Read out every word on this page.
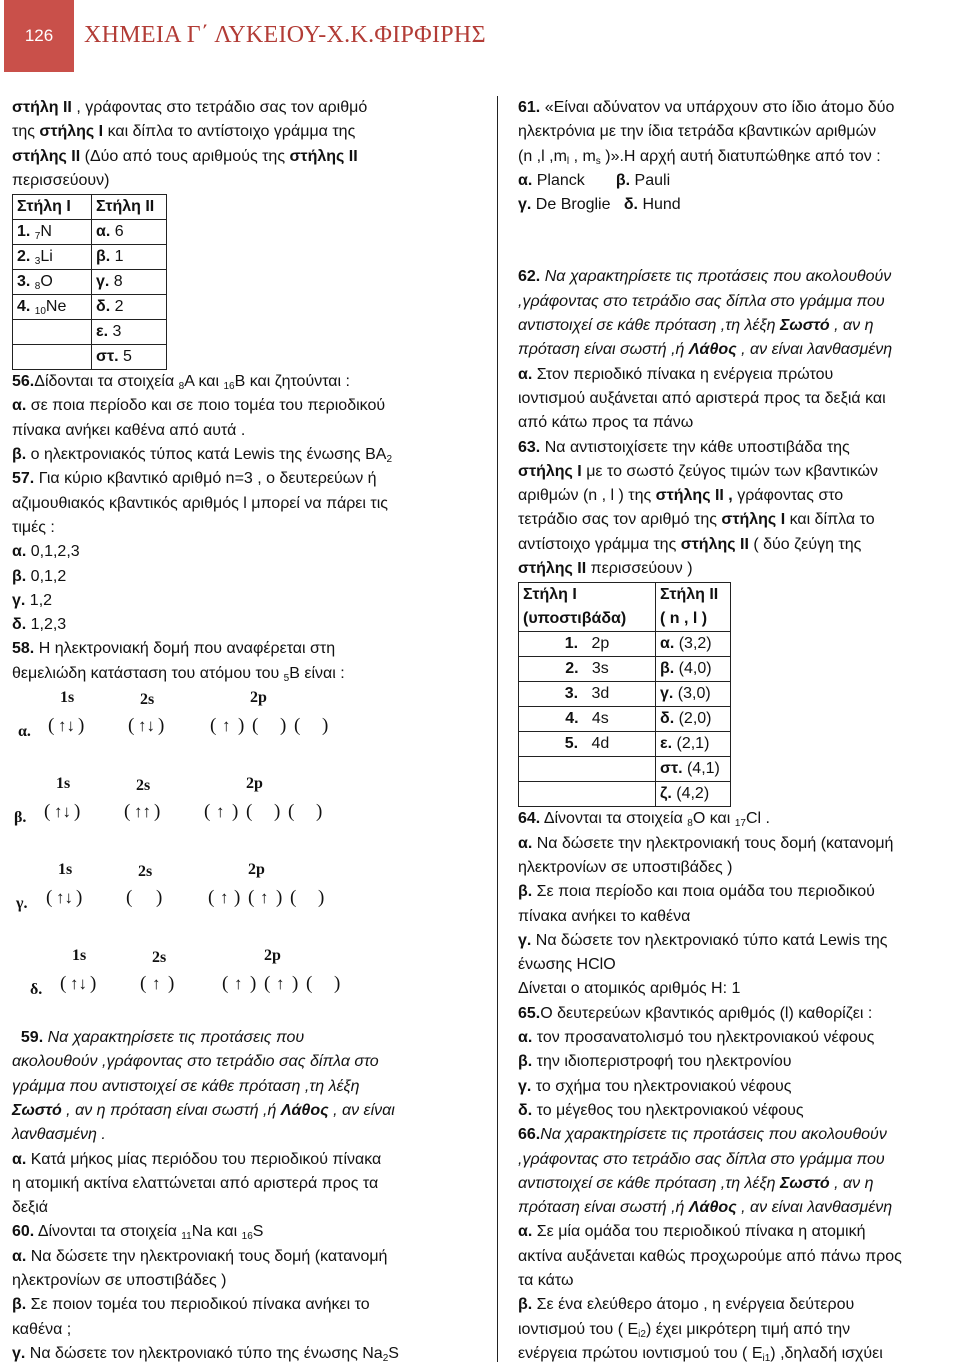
126	ΧΗΜΕΙΑ Γ΄ ΛΥΚΕΙΟΥ-Χ.Κ.ΦΙΡΦΙΡΗΣ
στήλη ΙΙ , γράφοντας στο τετράδιο σας τον αριθμό
της στήλης Ι και δίπλα το αντίστοιχο γράμμα της
στήλης ΙΙ (Δύο από τους αριθμούς της στήλης ΙΙ
περισσεύουν)
Στήλη Ι	Στήλη ΙΙ
1. $_7$N	α. 6
2. $_3$Li	β. 1
3. $_8$O	γ. 8
4. $_{10}$Ne	δ. 2
	ε. 3
	στ. 5
56.Δίδονται τα στοιχεία $_8$A και $_{16}$B και ζητούνται :
α. σε ποια περίοδο και σε ποιο τομέα του περιοδικού
πίνακα ανήκει καθένα από αυτά .
β. ο ηλεκτρονιακός τύπος κατά Lewis της ένωσης $BA_2$
57. Για κύριο κβαντικό αριθμό n=3 , ο δευτερεύων ή
αζιμουθιακός κβαντικός αριθμός l μπορεί να πάρει τις
τιμές :
α. 0,1,2,3
β. 0,1,2
γ. 1,2
δ. 1,2,3
58. Η ηλεκτρονιακή δομή που αναφέρεται στη
θεμελιώδη κατάσταση του ατόμου του $_5$B είναι :
1s	2s	2p
α. ( ↑↓ ) ( ↑↓ ) ( ↑ ) ( ) ( )
1s	2s	2p
β. ( ↑↓ ) ( ↑↑ ) ( ↑ ) ( ) ( )
1s	2s	2p
γ. ( ↑↓ ) ( ) ( ↑ ) ( ↑ ) ( )
1s	2s	2p
δ. ( ↑↓ ) ( ↑ ) ( ↑ ) ( ↑ ) ( )
59. Να χαρακτηρίσετε τις προτάσεις που
ακολουθούν ,γράφοντας στο τετράδιο σας δίπλα στο
γράμμα που αντιστοιχεί σε κάθε πρόταση ,τη λέξη
Σωστό , αν η πρόταση είναι σωστή ,ή Λάθος , αν είναι
λανθασμένη .
α. Κατά μήκος μίας περιόδου του περιοδικού πίνακα
η ατομική ακτίνα ελαττώνεται από αριστερά προς τα
δεξιά
60. Δίνονται τα στοιχεία $_{11}$Na και $_{16}$S
α. Να δώσετε την ηλεκτρονιακή τους δομή (κατανομή
ηλεκτρονίων σε υποστιβάδες )
β. Σε ποιον τομέα του περιοδικού πίνακα ανήκει το
καθένα ;
γ. Να δώσετε τον ηλεκτρονιακό τύπο της ένωσης $Na_2S$
61. «Είναι αδύνατον να υπάρχουν στο ίδιο άτομο δύο
ηλεκτρόνια με την ίδια τετράδα κβαντικών αριθμών
(n ,l $,m_l$ , $m_s$ )».Η αρχή αυτή διατυπώθηκε από τον :
α. Planck β. Pauli
γ. De Broglie δ. Hund
62. Να χαρακτηρίσετε τις προτάσεις που ακολουθούν
,γράφοντας στο τετράδιο σας δίπλα στο γράμμα που
αντιστοιχεί σε κάθε πρόταση ,τη λέξη Σωστό , αν η
πρόταση είναι σωστή ,ή Λάθος , αν είναι λανθασμένη
α. Στον περιοδικό πίνακα η ενέργεια πρώτου
ιοντισμού αυξάνεται από αριστερά προς τα δεξιά και
από κάτω προς τα πάνω
63. Να αντιστοιχίσετε την κάθε υποστιβάδα της
στήλης Ι με το σωστό ζεύγος τιμών των κβαντικών
αριθμών (n , l ) της στήλης ΙΙ , γράφοντας στο
τετράδιο σας τον αριθμό της στήλης Ι και δίπλα το
αντίστοιχο γράμμα της στήλης ΙΙ ( δύο ζεύγη της
στήλης ΙΙ περισσεύουν )
Στήλη Ι
(υποστιβάδα)	Στήλη ΙΙ
( n , l )
1. 2p	α. (3,2)
2. 3s	β. (4,0)
3. 3d	γ. (3,0)
4. 4s	δ. (2,0)
5. 4d	ε. (2,1)
	στ. (4,1)
	ζ. (4,2)
64. Δίνονται τα στοιχεία $_8$O και $_{17}$Cl .
α. Να δώσετε την ηλεκτρονιακή τους δομή (κατανομή
ηλεκτρονίων σε υποστιβάδες )
β. Σε ποια περίοδο και ποια ομάδα του περιοδικού
πίνακα ανήκει το καθένα
γ. Να δώσετε τον ηλεκτρονιακό τύπο κατά Lewis της
ένωσης HClO
Δίνεται ο ατομικός αριθμός H: 1
65.Ο δευτερεύων κβαντικός αριθμός (l) καθορίζει :
α. τον προσανατολισμό του ηλεκτρονιακού νέφους
β. την ιδιοπεριστροφή του ηλεκτρονίου
γ. το σχήμα του ηλεκτρονιακού νέφους
δ. το μέγεθος του ηλεκτρονιακού νέφους
66.Να χαρακτηρίσετε τις προτάσεις που ακολουθούν
,γράφοντας στο τετράδιο σας δίπλα στο γράμμα που
αντιστοιχεί σε κάθε πρόταση ,τη λέξη Σωστό , αν η
πρόταση είναι σωστή ,ή Λάθος , αν είναι λανθασμένη
α. Σε μία ομάδα του περιοδικού πίνακα η ατομική
ακτίνα αυξάνεται καθώς προχωρούμε από πάνω προς
τα κάτω
β. Σε ένα ελεύθερο άτομο , η ενέργεια δεύτερου
ιοντισμού του ( $E_{i2}$) έχει μικρότερη τιμή από την
ενέργεια πρώτου ιοντισμού του ( $E_{i1}$) ,δηλαδή ισχύει
